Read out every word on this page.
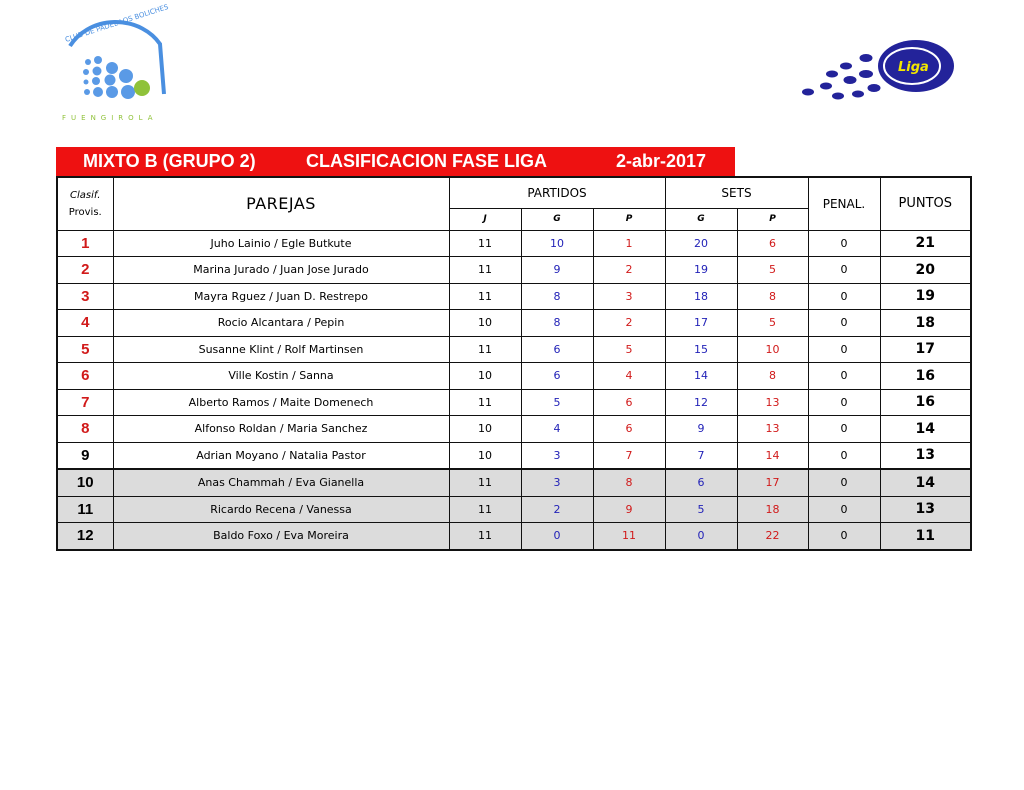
CLUB DE PADEL LOS BOLICHES
FUENGIROLA
Liga
MIXTO B (GRUPO 2)	CLASIFICACION FASE LIGA	2-abr-2017
Clasif.
Provis.	PAREJAS	PARTIDOS			SETS		PENAL.	PUNTOS
		J	G	P	G	P		
1	Juho Lainio / Egle Butkute	11	10	1	20	6	0	21
2	Marina Jurado / Juan Jose Jurado	11	9	2	19	5	0	20
3	Mayra Rguez / Juan D. Restrepo	11	8	3	18	8	0	19
4	Rocio Alcantara / Pepin	10	8	2	17	5	0	18
5	Susanne Klint / Rolf Martinsen	11	6	5	15	10	0	17
6	Ville Kostin / Sanna	10	6	4	14	8	0	16
7	Alberto Ramos / Maite Domenech	11	5	6	12	13	0	16
8	Alfonso Roldan / Maria Sanchez	10	4	6	9	13	0	14
9	Adrian Moyano / Natalia Pastor	10	3	7	7	14	0	13
10	Anas Chammah / Eva Gianella	11	3	8	6	17	0	14
11	Ricardo Recena / Vanessa	11	2	9	5	18	0	13
12	Baldo Foxo / Eva Moreira	11	0	11	0	22	0	11
